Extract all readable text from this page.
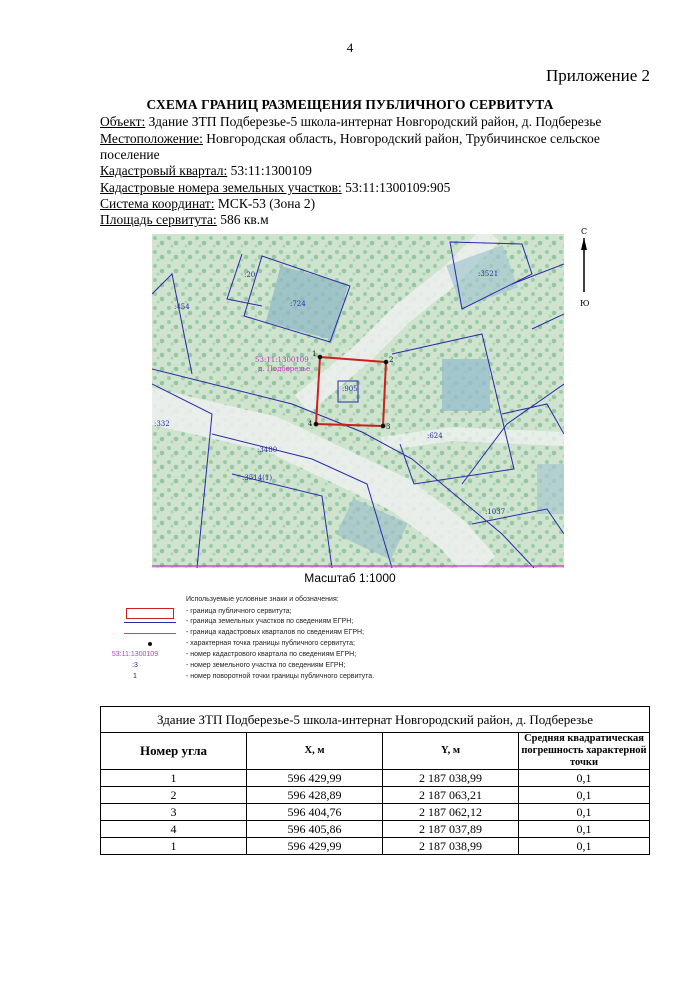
4
Приложение 2
СХЕМА ГРАНИЦ РАЗМЕЩЕНИЯ ПУБЛИЧНОГО СЕРВИТУТА
Объект: Здание ЗТП Подберезье-5 школа-интернат Новгородский район, д. Подберезье
Местоположение: Новгородская область, Новгородский район, Трубичинское сельское
поселение
Кадастровый квартал: 53:11:1300109
Кадастровые номера земельных участков: 53:11:1300109:905
Система координат: МСК-53 (Зона 2)
Площадь сервитута: 586 кв.м
1
2
3
4
:20
:724
:3521
:454
:905
:624
:332
:3480
:3514(1)
:1037
53:11:1300109
д. Подберезье
С
Ю
Масштаб 1:1000
Используемые условные знаки и обозначения:
- граница публичного сервитута;
- граница земельных участков по сведениям ЕГРН;
- граница кадастровых кварталов по сведениям ЕГРН;
- характерная точка границы публичного сервитута;
53:11:1300109	- номер кадастрового квартала по сведениям ЕГРН;
:3	- номер земельного участка по сведениям ЕГРН;
1	- номер поворотной точки границы публичного сервитута.
Здание ЗТП Подберезье-5 школа-интернат Новгородский район, д. Подберезье			
Номер угла	X, м	Y, м	Средняя квадратическая погрешность характерной точки
1	596 429,99	2 187 038,99	0,1
2	596 428,89	2 187 063,21	0,1
3	596 404,76	2 187 062,12	0,1
4	596 405,86	2 187 037,89	0,1
1	596 429,99	2 187 038,99	0,1
